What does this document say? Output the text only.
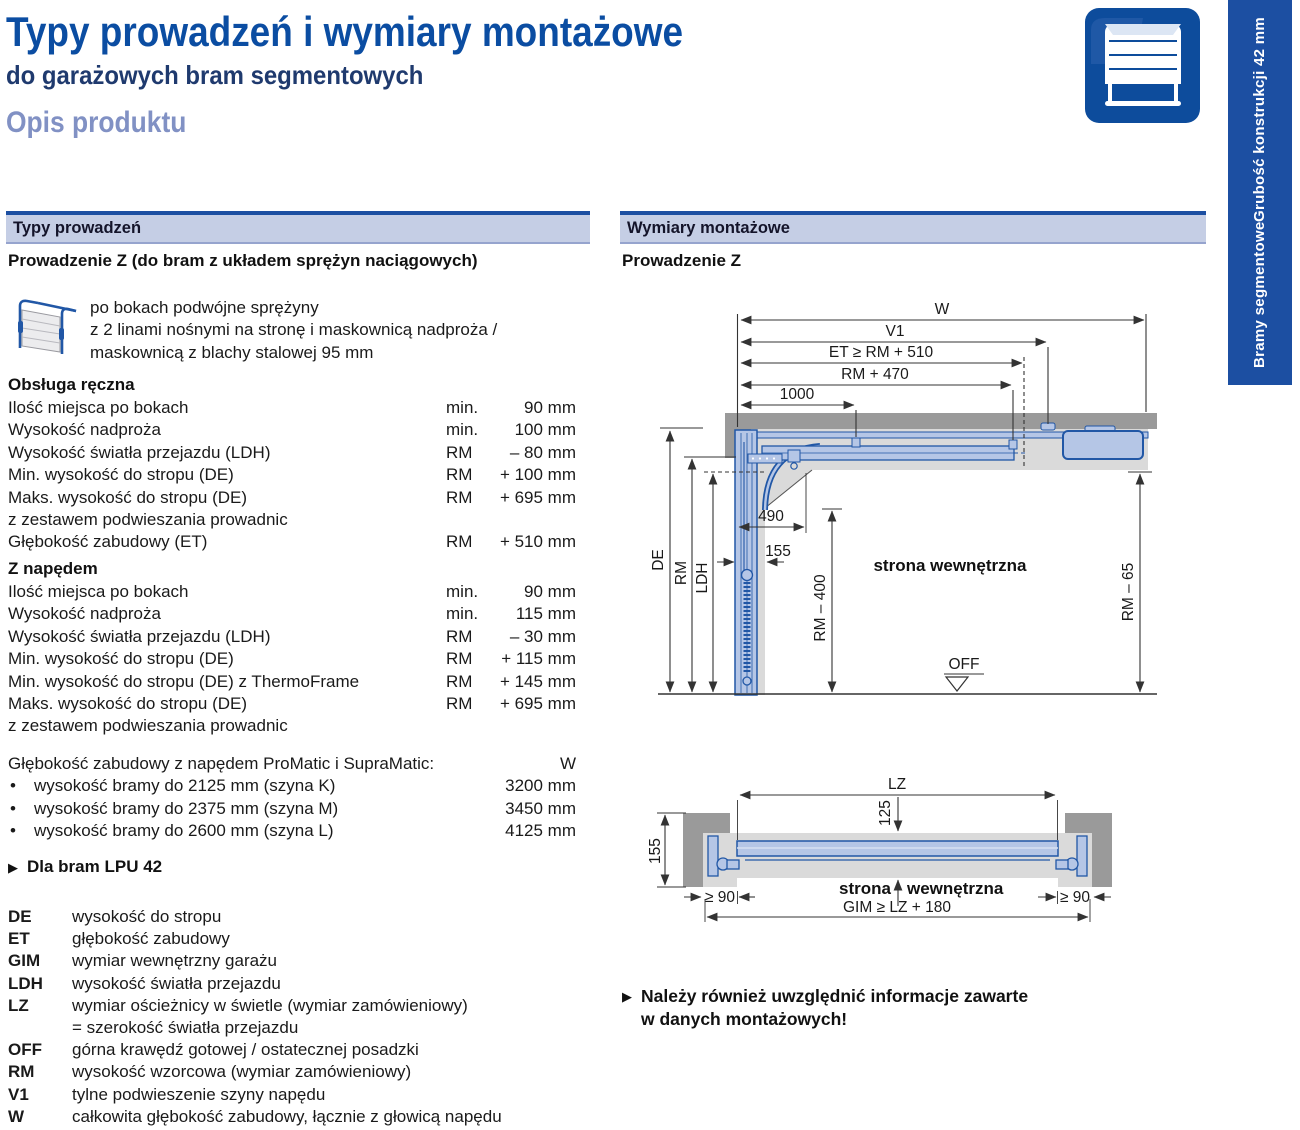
Typy prowadzeń i wymiary montażowe
do garażowych bram segmentowych
Opis produktu
Bramy segmentowe
Grubość konstrukcji 42 mm
Typy prowadzeń	Wymiary montażowe
Prowadzenie Z (do bram z układem sprężyn naciągowych)
po bokach podwójne sprężyny
z 2 linami nośnymi na stronę i maskownicą nadproża /
maskownicą z blachy stalowej 95 mm
Obsługa ręczna
Ilość miejsca po bokach	min.	90 mm
Wysokość nadproża	min.	100 mm
Wysokość światła przejazdu (LDH)	RM	– 80 mm
Min. wysokość do stropu (DE)	RM	+ 100 mm
Maks. wysokość do stropu (DE)	RM	+ 695 mm
z zestawem podwieszania prowadnic
Głębokość zabudowy (ET)	RM	+ 510 mm
Z napędem
Ilość miejsca po bokach	min.	90 mm
Wysokość nadproża	min.	115 mm
Wysokość światła przejazdu (LDH)	RM	– 30 mm
Min. wysokość do stropu (DE)	RM	+ 115 mm
Min. wysokość do stropu (DE) z ThermoFrame	RM	+ 145 mm
Maks. wysokość do stropu (DE)	RM	+ 695 mm
z zestawem podwieszania prowadnic
Głębokość zabudowy z napędem ProMatic i SupraMatic:	W
•	wysokość bramy do 2125 mm (szyna K)	3200 mm
•	wysokość bramy do 2375 mm (szyna M)	3450 mm
•	wysokość bramy do 2600 mm (szyna L)	4125 mm
▶ Dla bram LPU 42
DE	wysokość do stropu
ET	głębokość zabudowy
GIM	wymiar wewnętrzny garażu
LDH	wysokość światła przejazdu
LZ	wymiar ościeżnicy w świetle (wymiar zamówieniowy)
= szerokość światła przejazdu
OFF	górna krawędź gotowej / ostatecznej posadzki
RM	wysokość wzorcowa (wymiar zamówieniowy)
V1	tylne podwieszenie szyny napędu
W	całkowita głębokość zabudowy, łącznie z głowicą napędu
Prowadzenie Z
W
V1
ET ≥ RM + 510
RM + 470
1000
490
155
DE
RM LDH	RM – 400	RM – 65
strona wewnętrzna
OFF
LZ
125
155
≥ 90	≥ 90
GIM ≥ LZ + 180
strona wewnętrzna
▶ Należy również uwzględnić informacje zawarte
w danych montażowych!
